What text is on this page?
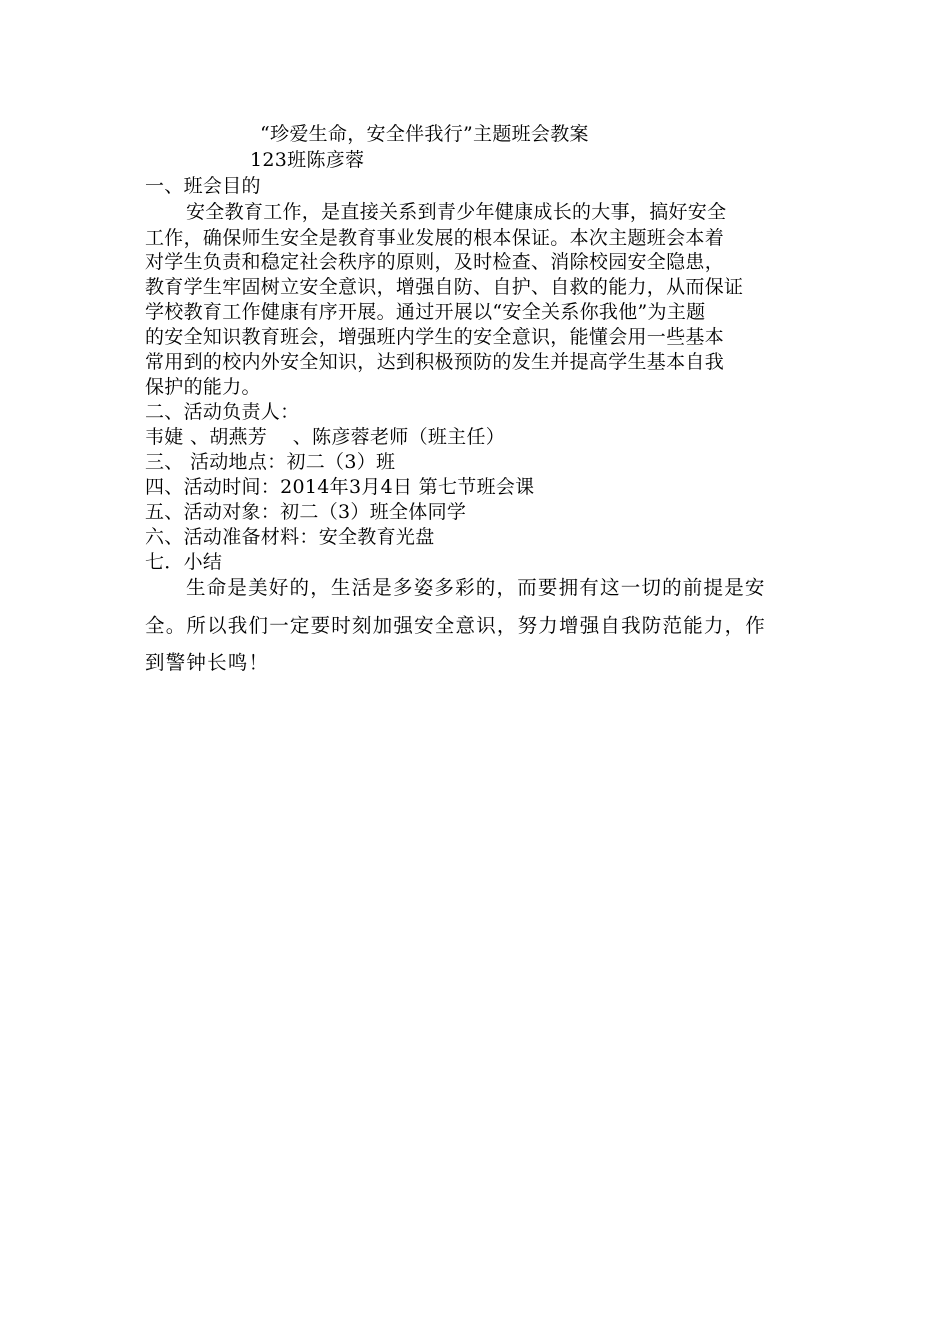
“珍爱生命，安全伴我行”主题班会教案
123班陈彦蓉
一、班会目的
安全教育工作，是直接关系到青少年健康成长的大事，搞好安全
工作，确保师生安全是教育事业发展的根本保证。本次主题班会本着
对学生负责和稳定社会秩序的原则，及时检查、消除校园安全隐患，
教育学生牢固树立安全意识，增强自防、自护、自救的能力，从而保证
学校教育工作健康有序开展。通过开展以“安全关系你我他”为主题
的安全知识教育班会，增强班内学生的安全意识，能懂会用一些基本
常用到的校内外安全知识，达到积极预防的发生并提高学生基本自我
保护的能力。
二、活动负责人：
韦婕 、胡燕芳 　、陈彦蓉老师（班主任）
三、 活动地点：初二（3）班
四、活动时间：2014年3月4日 第七节班会课
五、活动对象：初二（3）班全体同学
六、活动准备材料：安全教育光盘
七．小结
生命是美好的，生活是多姿多彩的，而要拥有这一切的前提是安
全。所以我们一定要时刻加强安全意识，努力增强自我防范能力，作
到警钟长鸣！
